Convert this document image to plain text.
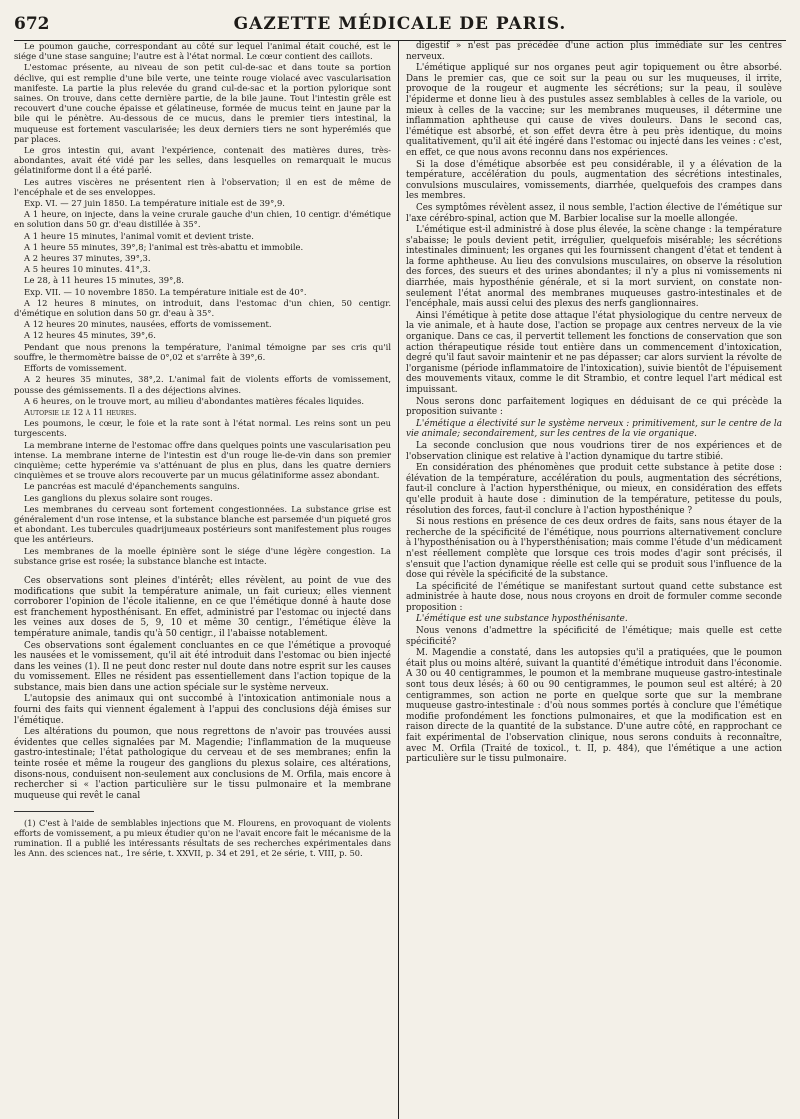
672	GAZETTE MÉDICALE DE PARIS.

Le poumon gauche, correspondant au côté sur lequel l'animal était couché, est le siége d'une stase sanguine; l'autre est à l'état normal. Le cœur contient des caillots.

L'estomac présente, au niveau de son petit cul-de-sac et dans toute sa portion déclive, qui est remplie d'une bile verte, une teinte rouge violacé avec vascularisation manifeste. La partie la plus relevée du grand cul-de-sac et la portion pylorique sont saines. On trouve, dans cette dernière partie, de la bile jaune. Tout l'intestin grêle est recouvert d'une couche épaisse et gélatineuse, formée de mucus teint en jaune par la bile qui le pénètre. Au-dessous de ce mucus, dans le premier tiers intestinal, la muqueuse est fortement vascularisée; les deux derniers tiers ne sont hyperémiés que par places.

Le gros intestin qui, avant l'expérience, contenait des matières dures, très-abondantes, avait été vidé par les selles, dans lesquelles on remarquait le mucus gélatiniforme dont il a été parlé.

Les autres viscères ne présentent rien à l'observation; il en est de même de l'encéphale et de ses enveloppes.

Exp. VI. — 27 juin 1850. La température initiale est de 39°,9.

A 1 heure, on injecte, dans la veine crurale gauche d'un chien, 10 centigr. d'émétique en solution dans 50 gr. d'eau distillée à 35°.

A 1 heure 15 minutes, l'animal vomit et devient triste.

A 1 heure 55 minutes, 39°,8; l'animal est très-abattu et immobile.

A 2 heures 37 minutes, 39°,3.

A 5 heures 10 minutes. 41°,3.

Le 28, à 11 heures 15 minutes, 39°,8.

Exp. VII. — 10 novembre 1850. La température initiale est de 40°.

A 12 heures 8 minutes, on introduit, dans l'estomac d'un chien, 50 centigr. d'émétique en solution dans 50 gr. d'eau à 35°.

A 12 heures 20 minutes, nausées, efforts de vomissement.

A 12 heures 45 minutes, 39°,6.

Pendant que nous prenons la température, l'animal témoigne par ses cris qu'il souffre, le thermomètre baisse de 0°,02 et s'arrête à 39°,6.

Efforts de vomissement.

A 2 heures 35 minutes, 38°,2. L'animal fait de violents efforts de vomissement, pousse des gémissements. Il a des déjections alvines.

A 6 heures, on le trouve mort, au milieu d'abondantes matières fécales liquides.

Autopsie le 12 à 11 heures.

Les poumons, le cœur, le foie et la rate sont à l'état normal. Les reins sont un peu turgescents.

La membrane interne de l'estomac offre dans quelques points une vascularisation peu intense. La membrane interne de l'intestin est d'un rouge lie-de-vin dans son premier cinquième; cette hyperémie va s'atténuant de plus en plus, dans les quatre derniers cinquièmes et se trouve alors recouverte par un mucus gélatiniforme assez abondant.

Le pancréas est maculé d'épanchements sanguins.

Les ganglions du plexus solaire sont rouges.

Les membranes du cerveau sont fortement congestionnées. La substance grise est généralement d'un rose intense, et la substance blanche est parsemée d'un piqueté gros et abondant. Les tubercules quadrijumeaux postérieurs sont manifestement plus rouges que les antérieurs.

Les membranes de la moelle épinière sont le siége d'une légère congestion. La substance grise est rosée; la substance blanche est intacte.

Ces observations sont pleines d'intérêt; elles révèlent, au point de vue des modifications que subit la température animale, un fait curieux; elles viennent corroborer l'opinion de l'école italienne, en ce que l'émétique donné à haute dose est franchement hyposthénisant. En effet, administré par l'estomac ou injecté dans les veines aux doses de 5, 9, 10 et même 30 centigr., l'émétique élève la température animale, tandis qu'à 50 centigr., il l'abaisse notablement.

Ces observations sont également concluantes en ce que l'émétique a provoqué les nausées et le vomissement, qu'il ait été introduit dans l'estomac ou bien injecté dans les veines (1). Il ne peut donc rester nul doute dans notre esprit sur les causes du vomissement. Elles ne résident pas essentiellement dans l'action topique de la substance, mais bien dans une action spéciale sur le système nerveux.

L'autopsie des animaux qui ont succombé à l'intoxication antimoniale nous a fourni des faits qui viennent également à l'appui des conclusions déjà émises sur l'émétique.

Les altérations du poumon, que nous regrettons de n'avoir pas trouvées aussi évidentes que celles signalées par M. Magendie; l'inflammation de la muqueuse gastro-intestinale; l'état pathologique du cerveau et de ses membranes; enfin la teinte rosée et même la rougeur des ganglions du plexus solaire, ces altérations, disons-nous, conduisent non-seulement aux conclusions de M. Orfila, mais encore à rechercher si « l'action particulière sur le tissu pulmonaire et la membrane muqueuse qui revêt le canal

(1) C'est à l'aide de semblables injections que M. Flourens, en provoquant de violents efforts de vomissement, a pu mieux étudier qu'on ne l'avait encore fait le mécanisme de la rumination. Il a publié les intéressants résultats de ses recherches expérimentales dans les Ann. des sciences nat., 1re série, t. XXVII, p. 34 et 291, et 2e série, t. VIII, p. 50.

digestif » n'est pas précédée d'une action plus immédiate sur les centres nerveux.

L'émétique appliqué sur nos organes peut agir topiquement ou être absorbé. Dans le premier cas, que ce soit sur la peau ou sur les muqueuses, il irrite, provoque de la rougeur et augmente les sécrétions; sur la peau, il soulève l'épiderme et donne lieu à des pustules assez semblables à celles de la variole, ou mieux à celles de la vaccine; sur les membranes muqueuses, il détermine une inflammation aphtheuse qui cause de vives douleurs. Dans le second cas, l'émétique est absorbé, et son effet devra être à peu près identique, du moins qualitativement, qu'il ait été ingéré dans l'estomac ou injecté dans les veines : c'est, en effet, ce que nous avons reconnu dans nos expériences.

Si la dose d'émétique absorbée est peu considérable, il y a élévation de la température, accélération du pouls, augmentation des sécrétions intestinales, convulsions musculaires, vomissements, diarrhée, quelquefois des crampes dans les membres.

Ces symptômes révèlent assez, il nous semble, l'action élective de l'émétique sur l'axe cérébro-spinal, action que M. Barbier localise sur la moelle allongée.

L'émétique est-il administré à dose plus élevée, la scène change : la température s'abaisse; le pouls devient petit, irrégulier, quelquefois misérable; les sécrétions intestinales diminuent; les organes qui les fournissent changent d'état et tendent à la forme aphtheuse. Au lieu des convulsions musculaires, on observe la résolution des forces, des sueurs et des urines abondantes; il n'y a plus ni vomissements ni diarrhée, mais hyposthénie générale, et si la mort survient, on constate non-seulement l'état anormal des membranes muqueuses gastro-intestinales et de l'encéphale, mais aussi celui des plexus des nerfs ganglionnaires.

Ainsi l'émétique à petite dose attaque l'état physiologique du centre nerveux de la vie animale, et à haute dose, l'action se propage aux centres nerveux de la vie organique. Dans ce cas, il pervertit tellement les fonctions de conservation que son action thérapeutique réside tout entière dans un commencement d'intoxication, degré qu'il faut savoir maintenir et ne pas dépasser; car alors survient la révolte de l'organisme (période inflammatoire de l'intoxication), suivie bientôt de l'épuisement des mouvements vitaux, comme le dit Strambio, et contre lequel l'art médical est impuissant.

Nous serons donc parfaitement logiques en déduisant de ce qui précède la proposition suivante :

L'émétique a électivité sur le système nerveux : primitivement, sur le centre de la vie animale; secondairement, sur les centres de la vie organique.

La seconde conclusion que nous voudrions tirer de nos expériences et de l'observation clinique est relative à l'action dynamique du tartre stibié.

En considération des phénomènes que produit cette substance à petite dose : élévation de la température, accélération du pouls, augmentation des sécrétions, faut-il conclure à l'action hypersthénique, ou mieux, en considération des effets qu'elle produit à haute dose : diminution de la température, petitesse du pouls, résolution des forces, faut-il conclure à l'action hyposthénique ?

Si nous restions en présence de ces deux ordres de faits, sans nous étayer de la recherche de la spécificité de l'émétique, nous pourrions alternativement conclure à l'hyposthénisation ou à l'hypersthénisation; mais comme l'étude d'un médicament n'est réellement complète que lorsque ces trois modes d'agir sont précisés, il s'ensuit que l'action dynamique réelle est celle qui se produit sous l'influence de la dose qui révèle la spécificité de la substance.

La spécificité de l'émétique se manifestant surtout quand cette substance est administrée à haute dose, nous nous croyons en droit de formuler comme seconde proposition :

L'émétique est une substance hyposthénisante.

Nous venons d'admettre la spécificité de l'émétique; mais quelle est cette spécificité?

M. Magendie a constaté, dans les autopsies qu'il a pratiquées, que le poumon était plus ou moins altéré, suivant la quantité d'émétique introduit dans l'économie. A 30 ou 40 centigrammes, le poumon et la membrane muqueuse gastro-intestinale sont tous deux lésés; à 60 ou 90 centigrammes, le poumon seul est altéré; à 20 centigrammes, son action ne porte en quelque sorte que sur la membrane muqueuse gastro-intestinale : d'où nous sommes portés à conclure que l'émétique modifie profondément les fonctions pulmonaires, et que la modification est en raison directe de la quantité de la substance. D'une autre côté, en rapprochant ce fait expérimental de l'observation clinique, nous serons conduits à reconnaître, avec M. Orfila (Traité de toxicol., t. II, p. 484), que l'émétique a une action particulière sur le tissu pulmonaire.
